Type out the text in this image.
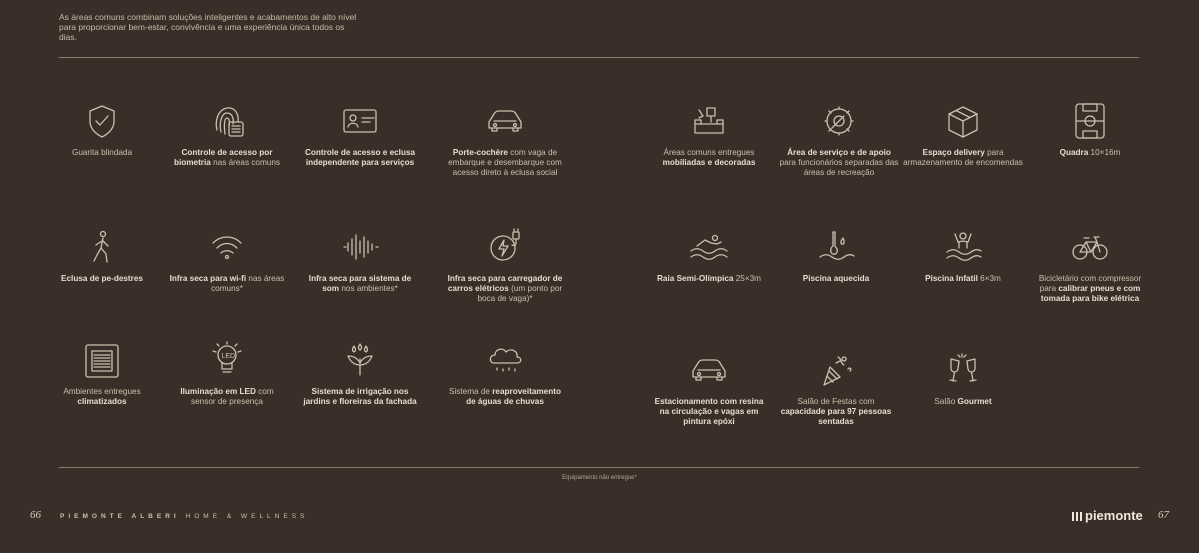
As áreas comuns combinam soluções inteligentes e acabamentos de alto nível para proporcionar bem-estar, convivência e uma experiência única todos os dias.
Guarita blindada	Controle de acesso por biometria nas áreas comuns
Controle de acesso e eclusa independente para serviços
Porte-cochère com vaga de embarque e desembarque com acesso direto à eclusa social
Áreas comuns entregues mobiliadas e decoradas
Área de serviço e de apoio para funcionários separadas das áreas de recreação
Espaço delivery para armazenamento de encomendas
Quadra 10×16m
Eclusa de pe-destres	Infra seca para wi-fi nas áreas comuns*
Infra seca para sistema de som nos ambientes*
Infra seca para carregador de carros elétricos (um ponto por boca de vaga)*
Raia Semi-Olímpica 25×3m	Piscina aquecida	Piscina Infatil 6×3m	Bicicletário com compressor para calibrar pneus e com tomada para bike elétrica
Ambientes entregues climatizados
LED
Iluminação em LED com sensor de presença
Sistema de irrigação nos jardins e floreiras da fachada
Sistema de reaproveitamento de águas de chuvas	Estacionamento com resina na circulação e vagas em pintura epóxi
Salão de Festas com capacidade para 97 pessoas sentadas
Salão Gourmet
Equipamento não entregue*
66	PIEMONTE ALBERI HOME & WELLNESS	piemonte 67
